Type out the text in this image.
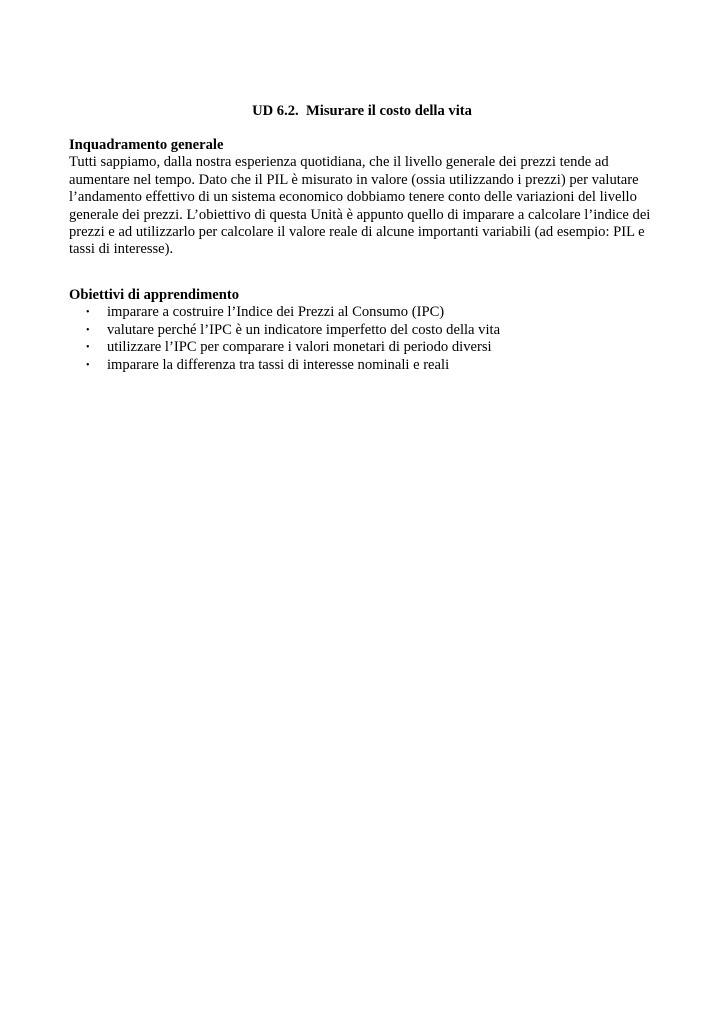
UD 6.2.  Misurare il costo della vita

Inquadramento generale

Tutti sappiamo, dalla nostra esperienza quotidiana, che il livello generale dei prezzi tende ad aumentare nel tempo. Dato che il PIL è misurato in valore (ossia utilizzando i prezzi) per valutare l’andamento effettivo di un sistema economico dobbiamo tenere conto delle variazioni del livello generale dei prezzi. L’obiettivo di questa Unità è appunto quello di imparare a calcolare l’indice dei prezzi e ad utilizzarlo per calcolare il valore reale di alcune importanti variabili (ad esempio: PIL e tassi di interesse).

Obiettivi di apprendimento

• imparare a costruire l’Indice dei Prezzi al Consumo (IPC)
• valutare perché l’IPC è un indicatore imperfetto del costo della vita
• utilizzare l’IPC per comparare i valori monetari di periodo diversi
• imparare la differenza tra tassi di interesse nominali e reali
